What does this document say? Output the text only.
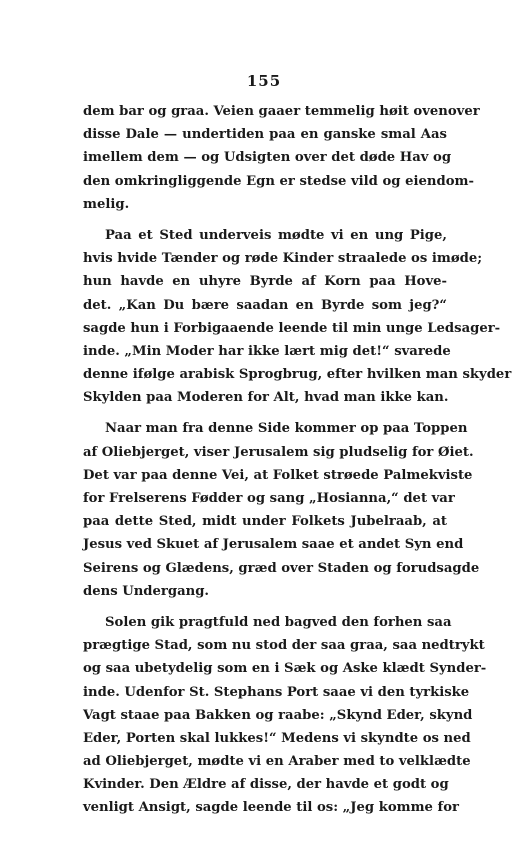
155
dem bar og graa. Veien gaaer temmelig høit ovenover
disse Dale — undertiden paa en ganske smal Aas
imellem dem — og Udsigten over det døde Hav og
den omkringliggende Egn er stedse vild og eiendom-
melig.
Paa et Sted underveis mødte vi en ung Pige,
hvis hvide Tænder og røde Kinder straalede os imøde;
hun havde en uhyre Byrde af Korn paa Hove-
det. „Kan Du bære saadan en Byrde som jeg?“
sagde hun i Forbigaaende leende til min unge Ledsager-
inde. „Min Moder har ikke lært mig det!“ svarede
denne ifølge arabisk Sprogbrug, efter hvilken man skyder
Skylden paa Moderen for Alt, hvad man ikke kan.
Naar man fra denne Side kommer op paa Toppen
af Oliebjerget, viser Jerusalem sig pludselig for Øiet.
Det var paa denne Vei, at Folket strøede Palmekviste
for Frelserens Fødder og sang „Hosianna,“ det var
paa dette Sted, midt under Folkets Jubelraab, at
Jesus ved Skuet af Jerusalem saae et andet Syn end
Seirens og Glædens, græd over Staden og forudsagde
dens Undergang.
Solen gik pragtfuld ned bagved den forhen saa
prægtige Stad, som nu stod der saa graa, saa nedtrykt
og saa ubetydelig som en i Sæk og Aske klædt Synder-
inde. Udenfor St. Stephans Port saae vi den tyrkiske
Vagt staae paa Bakken og raabe: „Skynd Eder, skynd
Eder, Porten skal lukkes!“ Medens vi skyndte os ned
ad Oliebjerget, mødte vi en Araber med to velklædte
Kvinder. Den Ældre af disse, der havde et godt og
venligt Ansigt, sagde leende til os: „Jeg komme for
